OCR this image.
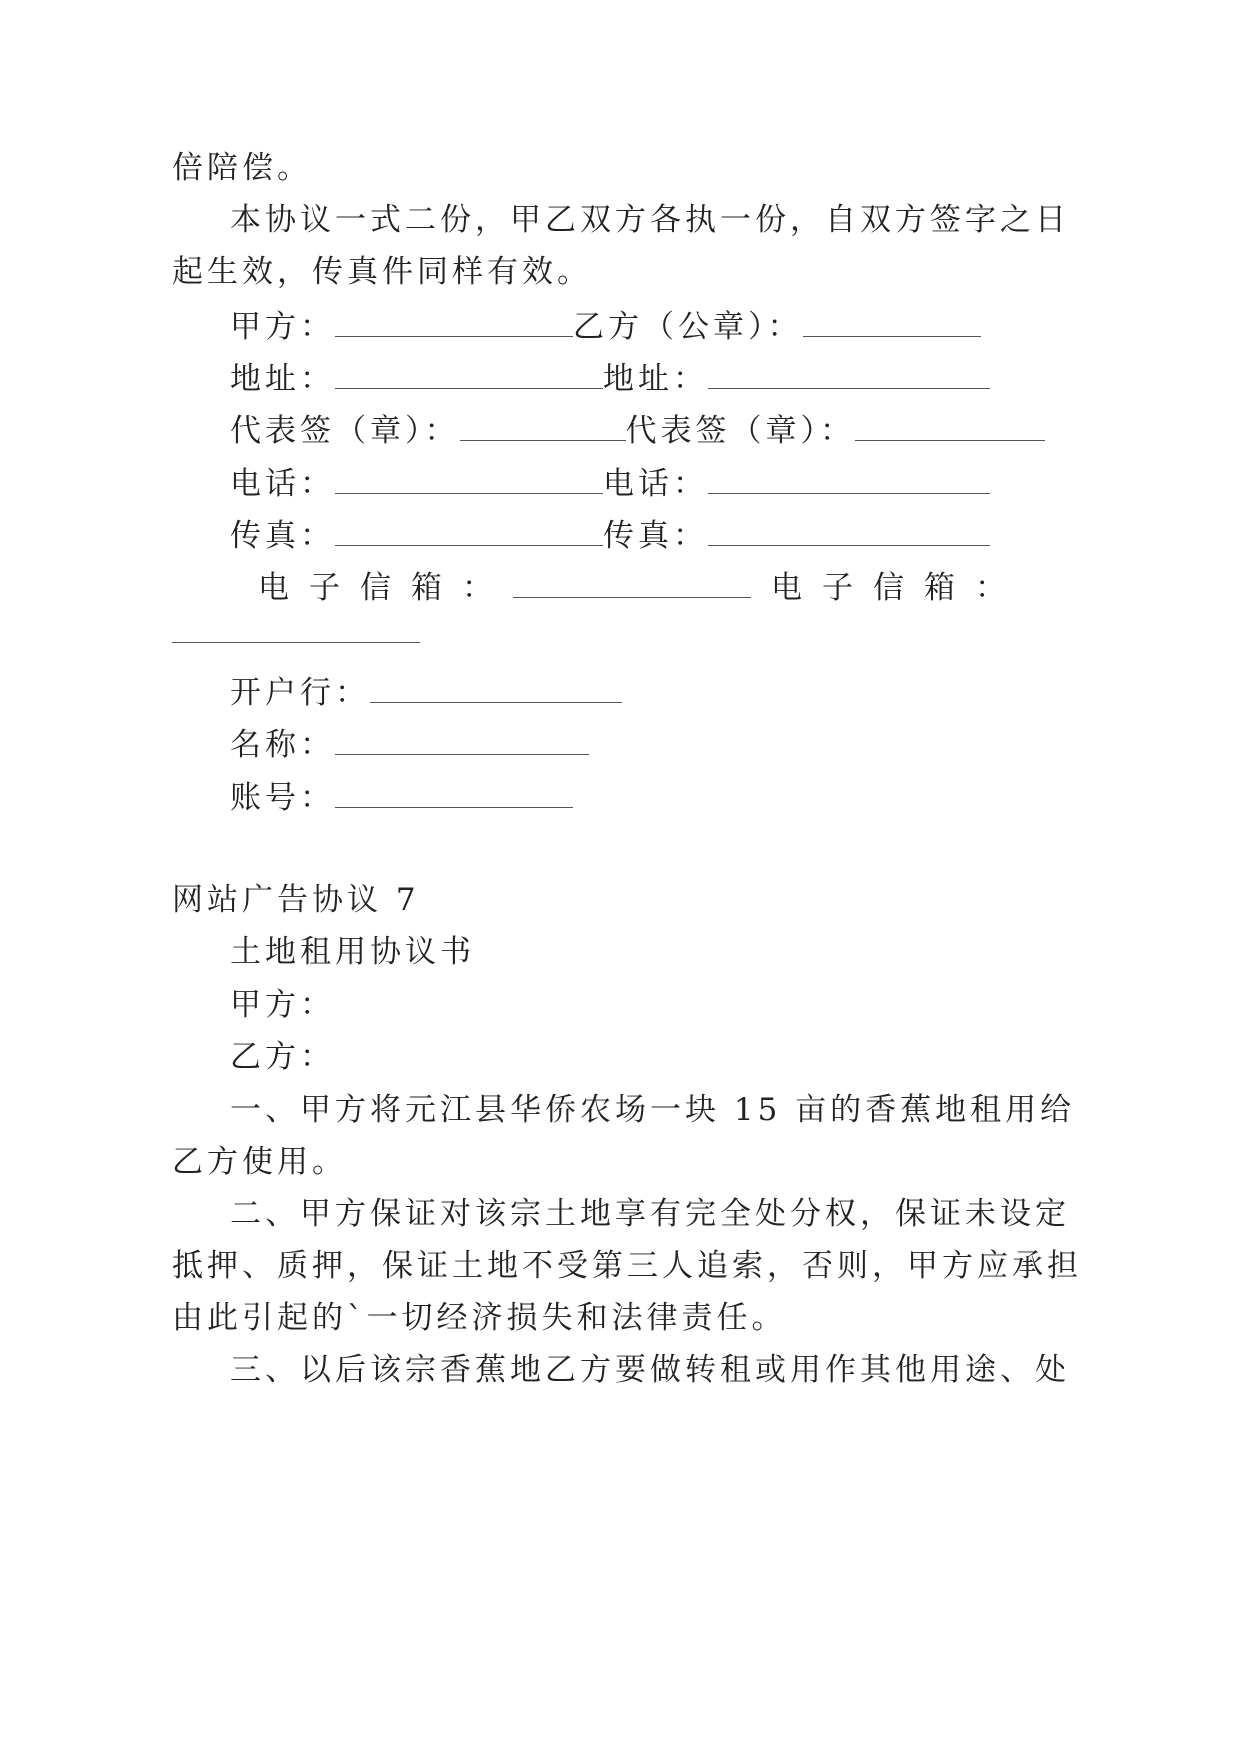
倍陪偿。
本协议一式二份，甲乙双方各执一份，自双方签字之日
起生效，传真件同样有效。
甲方：	乙方（公章）：
地址：	地址：
代表签（章）：	代表签（章）：
电话：	电话：
传真：	传真：
电子信箱：	电子信箱：
开户行：
名称：
账号：
网站广告协议 7
土地租用协议书
甲方：
乙方：
一、甲方将元江县华侨农场一块 15 亩的香蕉地租用给
乙方使用。
二、甲方保证对该宗土地享有完全处分权，保证未设定
抵押、质押，保证土地不受第三人追索，否则，甲方应承担
由此引起的`一切经济损失和法律责任。
三、以后该宗香蕉地乙方要做转租或用作其他用途、处
